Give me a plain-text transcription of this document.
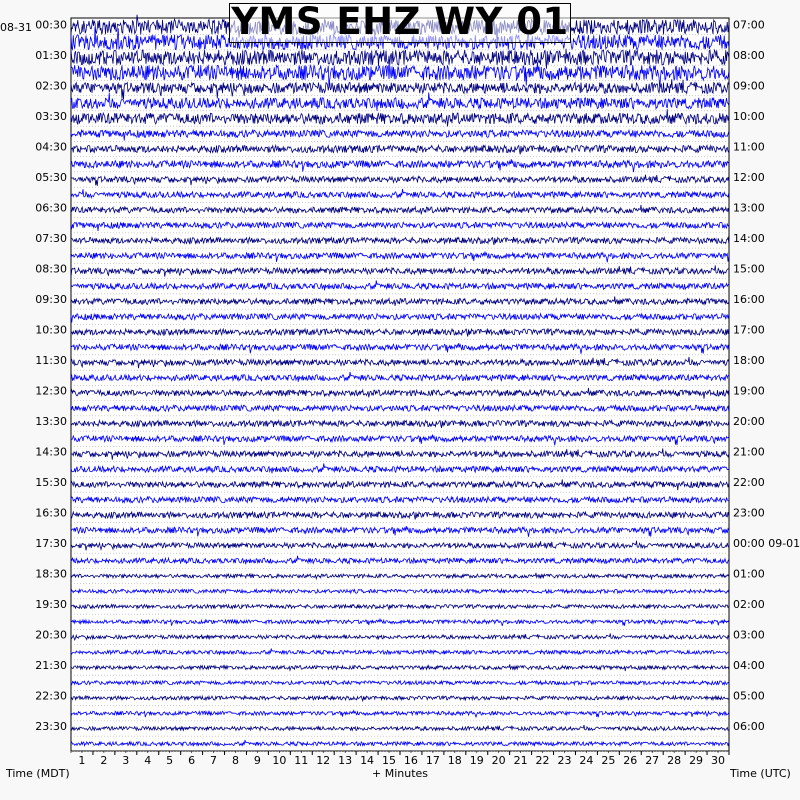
1 2 3 4 5 6 7 8 9 10 11 12 13 14 15 16 17 18 19 20 21 22 23 24 25 26 27 28 29 30
00:30
01:30
02:30
03:30
04:30
05:30
06:30
07:30
08:30
09:30
10:30
11:30
12:30
13:30
14:30
15:30
16:30
17:30
18:30
19:30
20:30
21:30
22:30
23:30
07:00
08:00
09:00
10:00
11:00
12:00
13:00
14:00
15:00
16:00
17:00
18:00
19:00
20:00
21:00
22:00
23:00
00:00 09-01
01:00
02:00
03:00
04:00
05:00
06:00
08-31
+ Minutes
Time (MDT)	Time (UTC)
YMS EHZ WY 01
